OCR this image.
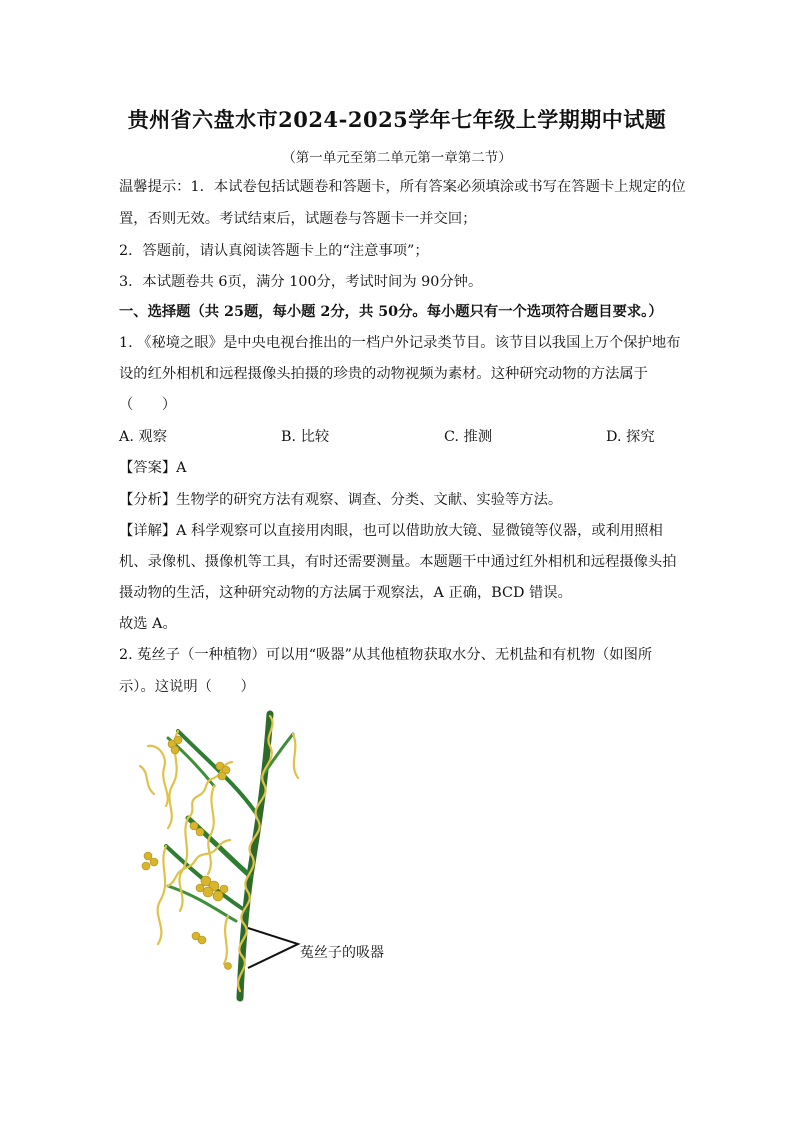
贵州省六盘水市2024-2025学年七年级上学期期中试题
（第一单元至第二单元第一章第二节）
温馨提示：1．本试卷包括试题卷和答题卡，所有答案必须填涂或书写在答题卡上规定的位
置，否则无效。考试结束后，试题卷与答题卡一并交回；
2．答题前，请认真阅读答题卡上的“注意事项”；
3．本试题卷共 6页，满分 100分，考试时间为 90分钟。
一、选择题（共 25题，每小题 2分，共 50分。每小题只有一个选项符合题目要求。）
1. 《秘境之眼》是中央电视台推出的一档户外记录类节目。该节目以我国上万个保护地布
设的红外相机和远程摄像头拍摄的珍贵的动物视频为素材。这种研究动物的方法属于
（　　）
A. 观察	B. 比较	C. 推测	D. 探究
【答案】A
【分析】生物学的研究方法有观察、调查、分类、文献、实验等方法。
【详解】A 科学观察可以直接用肉眼，也可以借助放大镜、显微镜等仪器，或利用照相
机、录像机、摄像机等工具，有时还需要测量。本题题干中通过红外相机和远程摄像头拍
摄动物的生活，这种研究动物的方法属于观察法，A 正确，BCD 错误。
故选 A。
2. 菟丝子（一种植物）可以用“吸器”从其他植物获取水分、无机盐和有机物（如图所
示）。这说明（　　）
菟丝子的吸器
